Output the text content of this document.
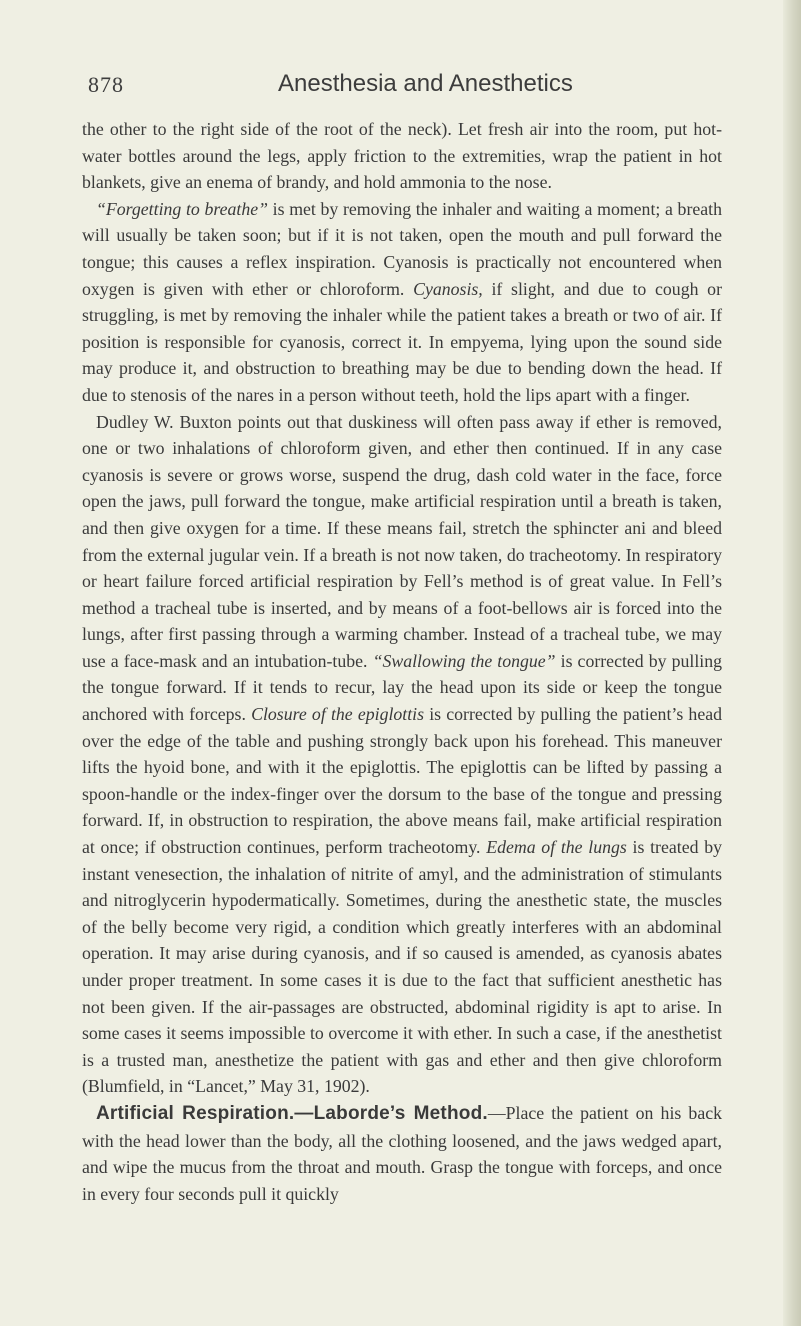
878	Anesthesia and Anesthetics

the other to the right side of the root of the neck). Let fresh air into the room, put hot-water bottles around the legs, apply friction to the extremities, wrap the patient in hot blankets, give an enema of brandy, and hold ammonia to the nose.

“Forgetting to breathe” is met by removing the inhaler and waiting a moment; a breath will usually be taken soon; but if it is not taken, open the mouth and pull forward the tongue; this causes a reflex inspiration. Cyanosis is practically not encountered when oxygen is given with ether or chloroform. Cyanosis, if slight, and due to cough or struggling, is met by removing the inhaler while the patient takes a breath or two of air. If position is responsible for cyanosis, correct it. In empyema, lying upon the sound side may produce it, and obstruction to breathing may be due to bending down the head. If due to stenosis of the nares in a person without teeth, hold the lips apart with a finger.

Dudley W. Buxton points out that duskiness will often pass away if ether is removed, one or two inhalations of chloroform given, and ether then continued. If in any case cyanosis is severe or grows worse, suspend the drug, dash cold water in the face, force open the jaws, pull forward the tongue, make artificial respiration until a breath is taken, and then give oxygen for a time. If these means fail, stretch the sphincter ani and bleed from the external jugular vein. If a breath is not now taken, do tracheotomy. In respiratory or heart failure forced artificial respiration by Fell’s method is of great value. In Fell’s method a tracheal tube is inserted, and by means of a foot-bellows air is forced into the lungs, after first passing through a warming chamber. Instead of a tracheal tube, we may use a face-mask and an intubation-tube. “Swallowing the tongue” is corrected by pulling the tongue forward. If it tends to recur, lay the head upon its side or keep the tongue anchored with forceps. Closure of the epiglottis is corrected by pulling the patient’s head over the edge of the table and pushing strongly back upon his forehead. This maneuver lifts the hyoid bone, and with it the epiglottis. The epiglottis can be lifted by passing a spoon-handle or the index-finger over the dorsum to the base of the tongue and pressing forward. If, in obstruction to respiration, the above means fail, make artificial respiration at once; if obstruction continues, perform tracheotomy. Edema of the lungs is treated by instant venesection, the inhalation of nitrite of amyl, and the administration of stimulants and nitroglycerin hypodermatically. Sometimes, during the anesthetic state, the muscles of the belly become very rigid, a condition which greatly interferes with an abdominal operation. It may arise during cyanosis, and if so caused is amended, as cyanosis abates under proper treatment. In some cases it is due to the fact that sufficient anesthetic has not been given. If the air-passages are obstructed, abdominal rigidity is apt to arise. In some cases it seems impossible to overcome it with ether. In such a case, if the anesthetist is a trusted man, anesthetize the patient with gas and ether and then give chloroform (Blumfield, in “Lancet,” May 31, 1902).

Artificial Respiration.—Laborde’s Method.—Place the patient on his back with the head lower than the body, all the clothing loosened, and the jaws wedged apart, and wipe the mucus from the throat and mouth. Grasp the tongue with forceps, and once in every four seconds pull it quickly
